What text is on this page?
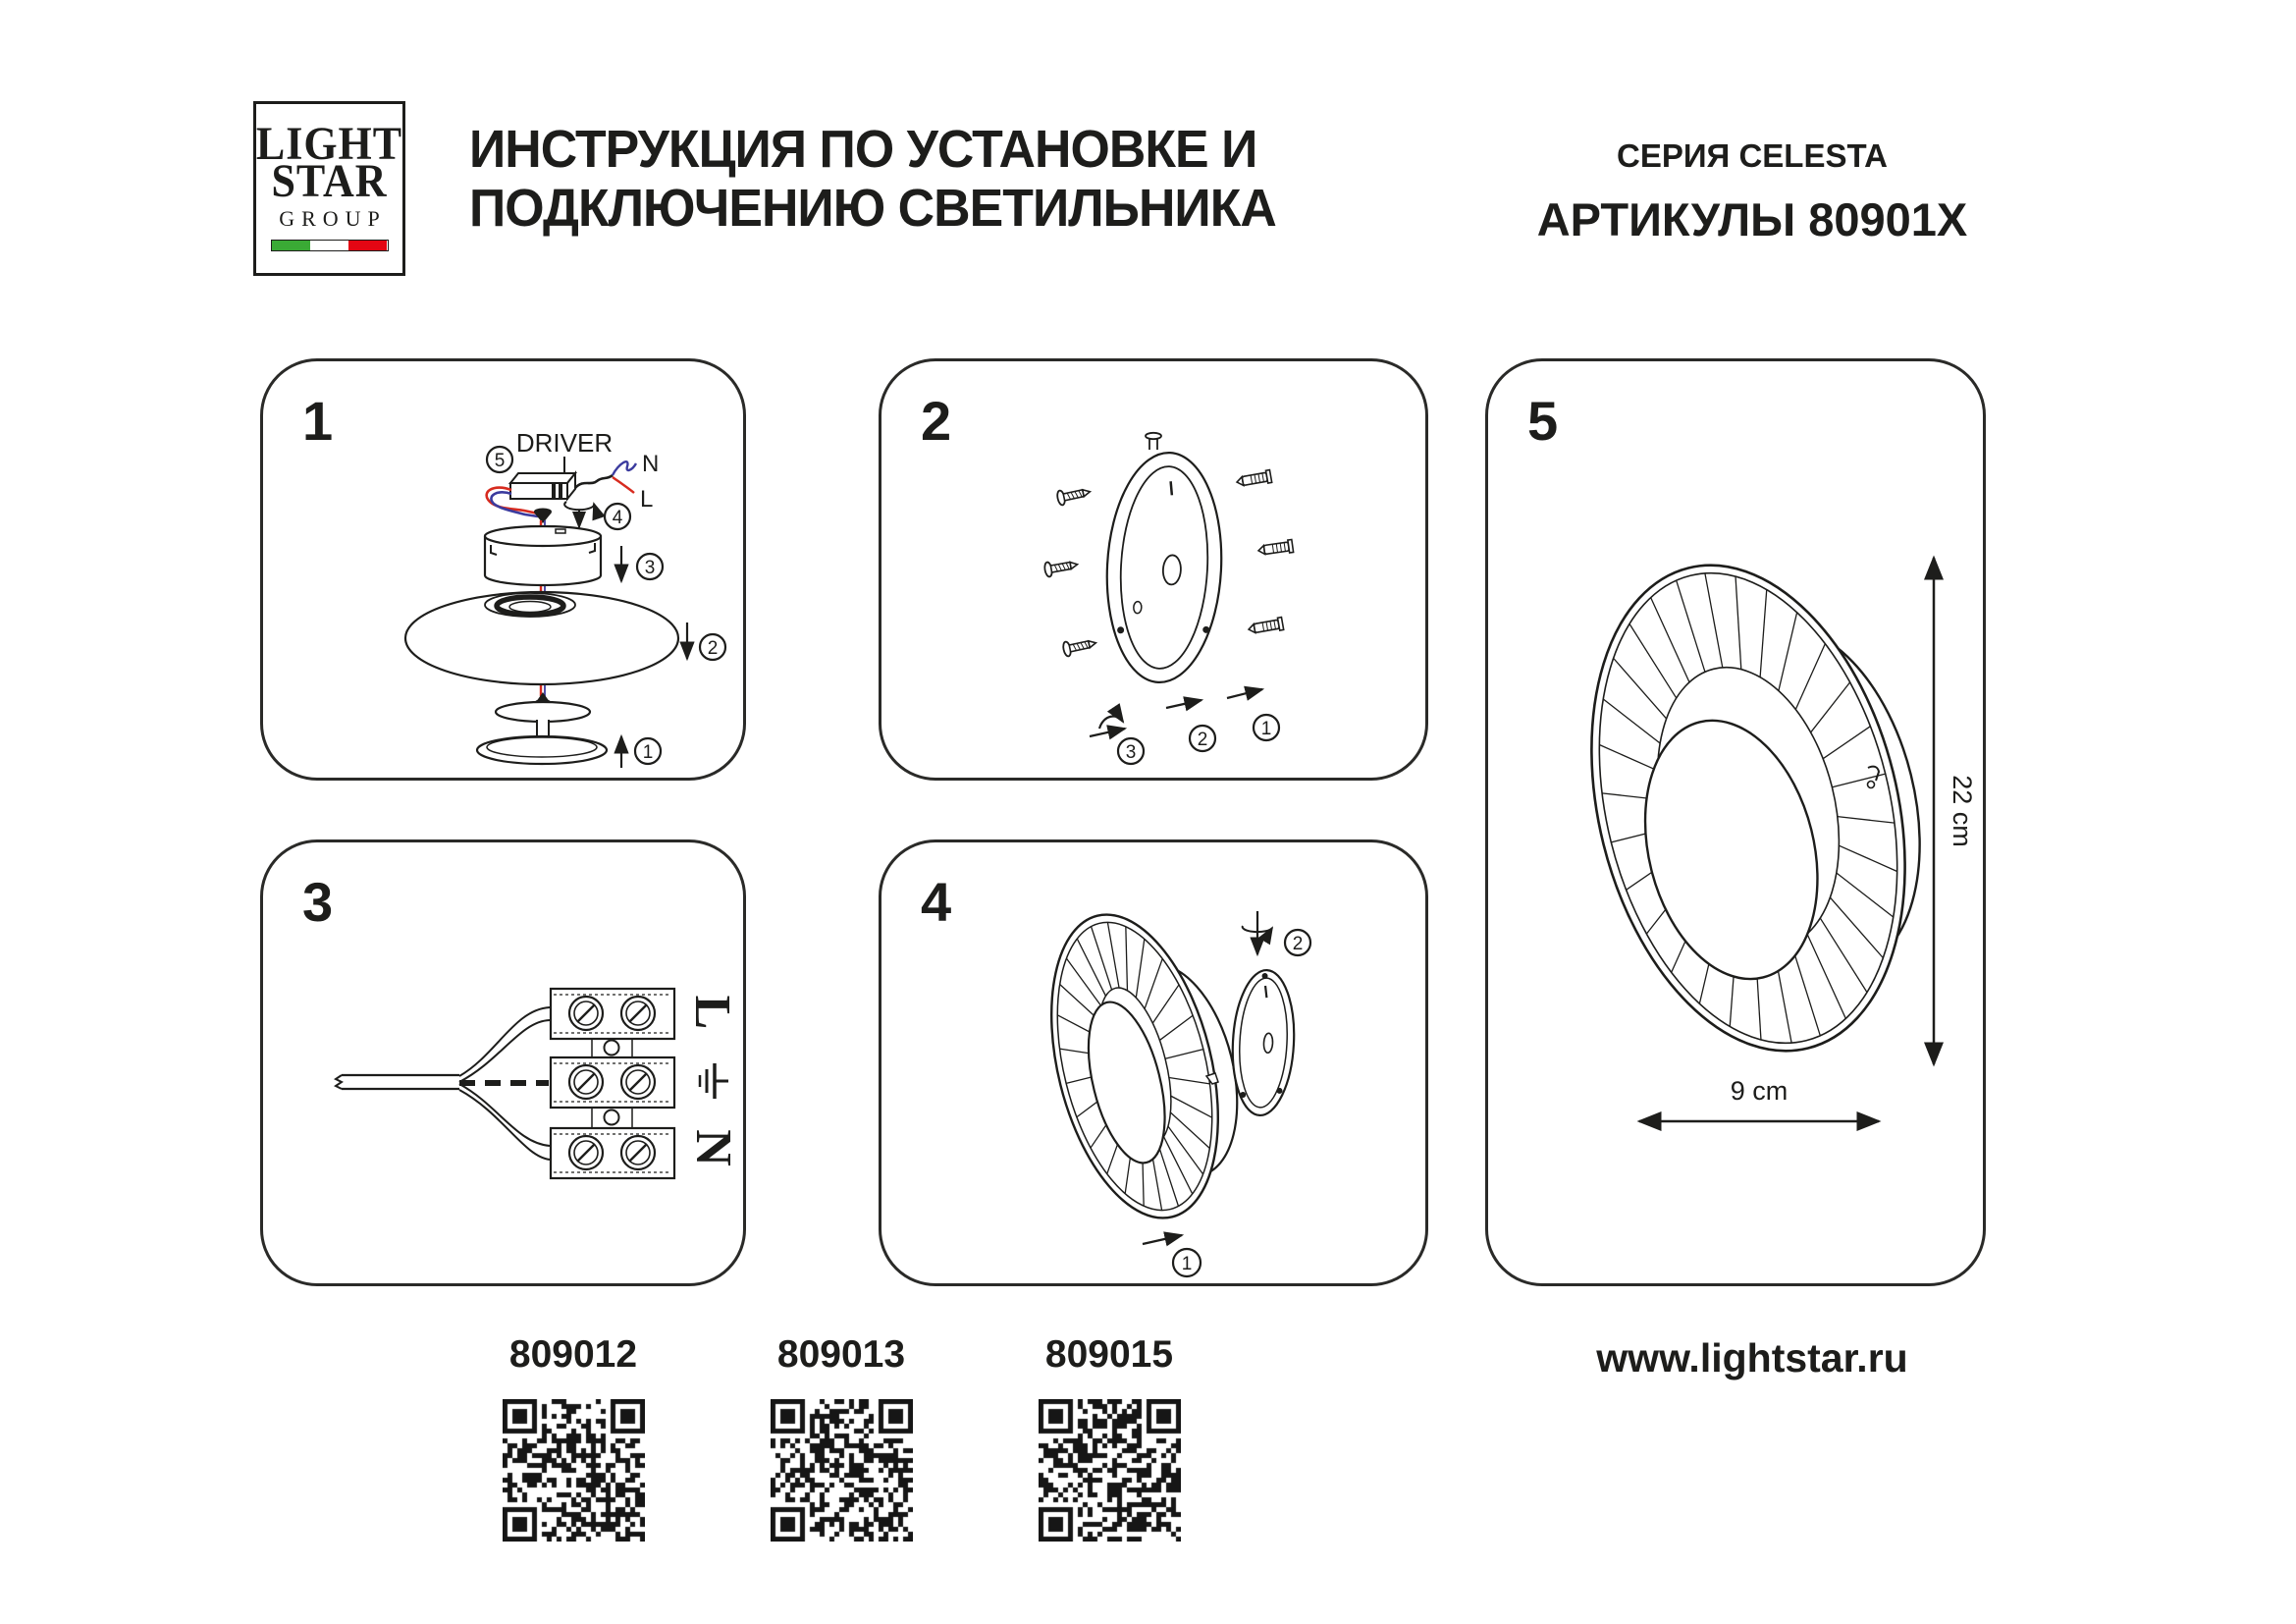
LIGHT
STAR
GROUP
ИНСТРУКЦИЯ ПО УСТАНОВКЕ И
ПОДКЛЮЧЕНИЮ СВЕТИЛЬНИКА
СЕРИЯ CELESTA
АРТИКУЛЫ 80901X
1	DRIVER
N
L
5
4
3
2
1
2
3
2
1
3
L
N
4
2
1
5
22 cm
9 cm
809012	809013	809015	www.lightstar.ru
